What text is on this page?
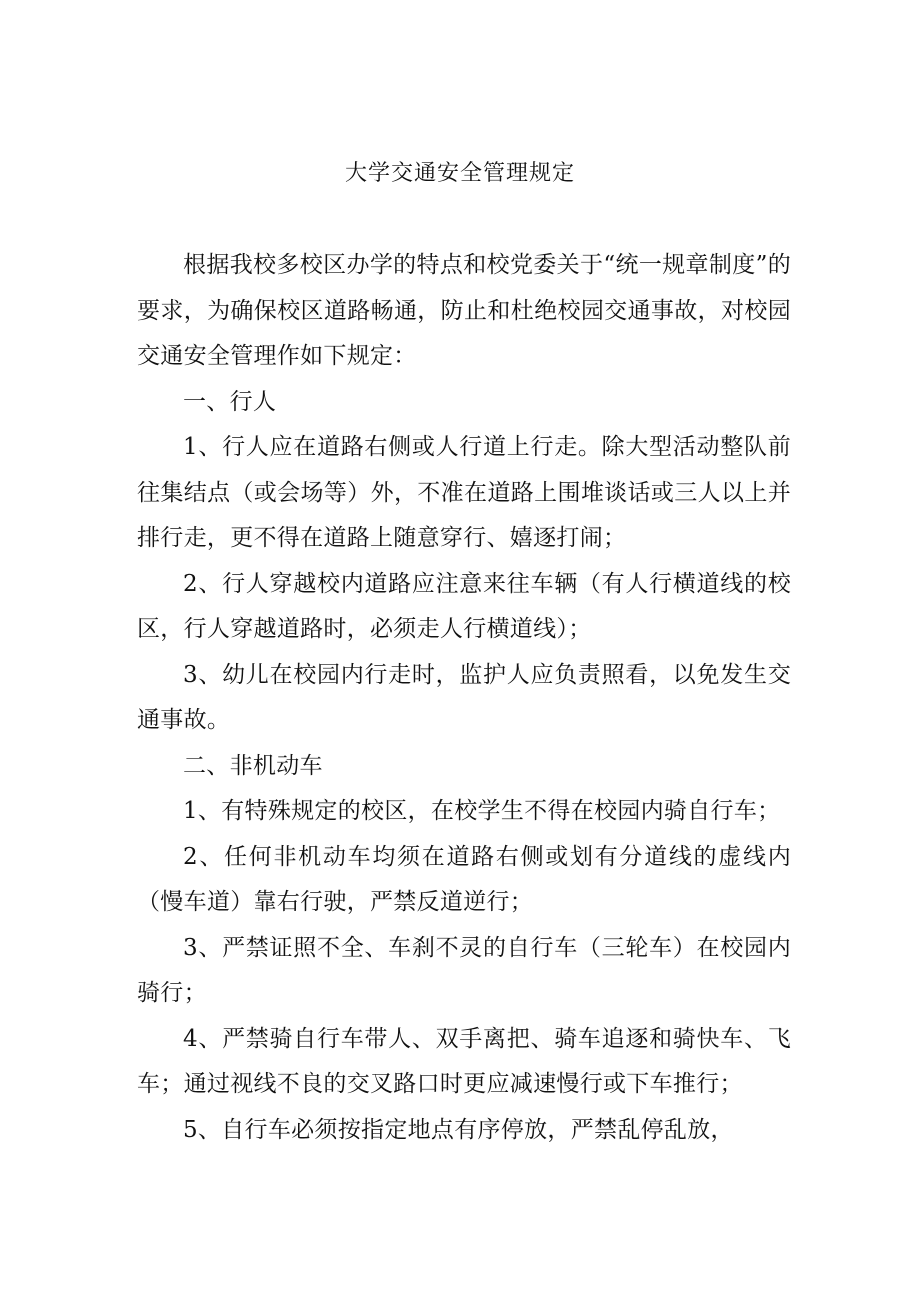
大学交通安全管理规定

根据我校多校区办学的特点和校党委关于“统一规章制度”的要求，为确保校区道路畅通，防止和杜绝校园交通事故，对校园交通安全管理作如下规定：

一、行人

1、行人应在道路右侧或人行道上行走。除大型活动整队前往集结点（或会场等）外，不准在道路上围堆谈话或三人以上并排行走，更不得在道路上随意穿行、嬉逐打闹；

2、行人穿越校内道路应注意来往车辆（有人行横道线的校区，行人穿越道路时，必须走人行横道线）；

3、幼儿在校园内行走时，监护人应负责照看，以免发生交通事故。

二、非机动车

1、有特殊规定的校区，在校学生不得在校园内骑自行车；

2、任何非机动车均须在道路右侧或划有分道线的虚线内（慢车道）靠右行驶，严禁反道逆行；

3、严禁证照不全、车刹不灵的自行车（三轮车）在校园内骑行；

4、严禁骑自行车带人、双手离把、骑车追逐和骑快车、飞车；通过视线不良的交叉路口时更应减速慢行或下车推行；

5、自行车必须按指定地点有序停放，严禁乱停乱放，
